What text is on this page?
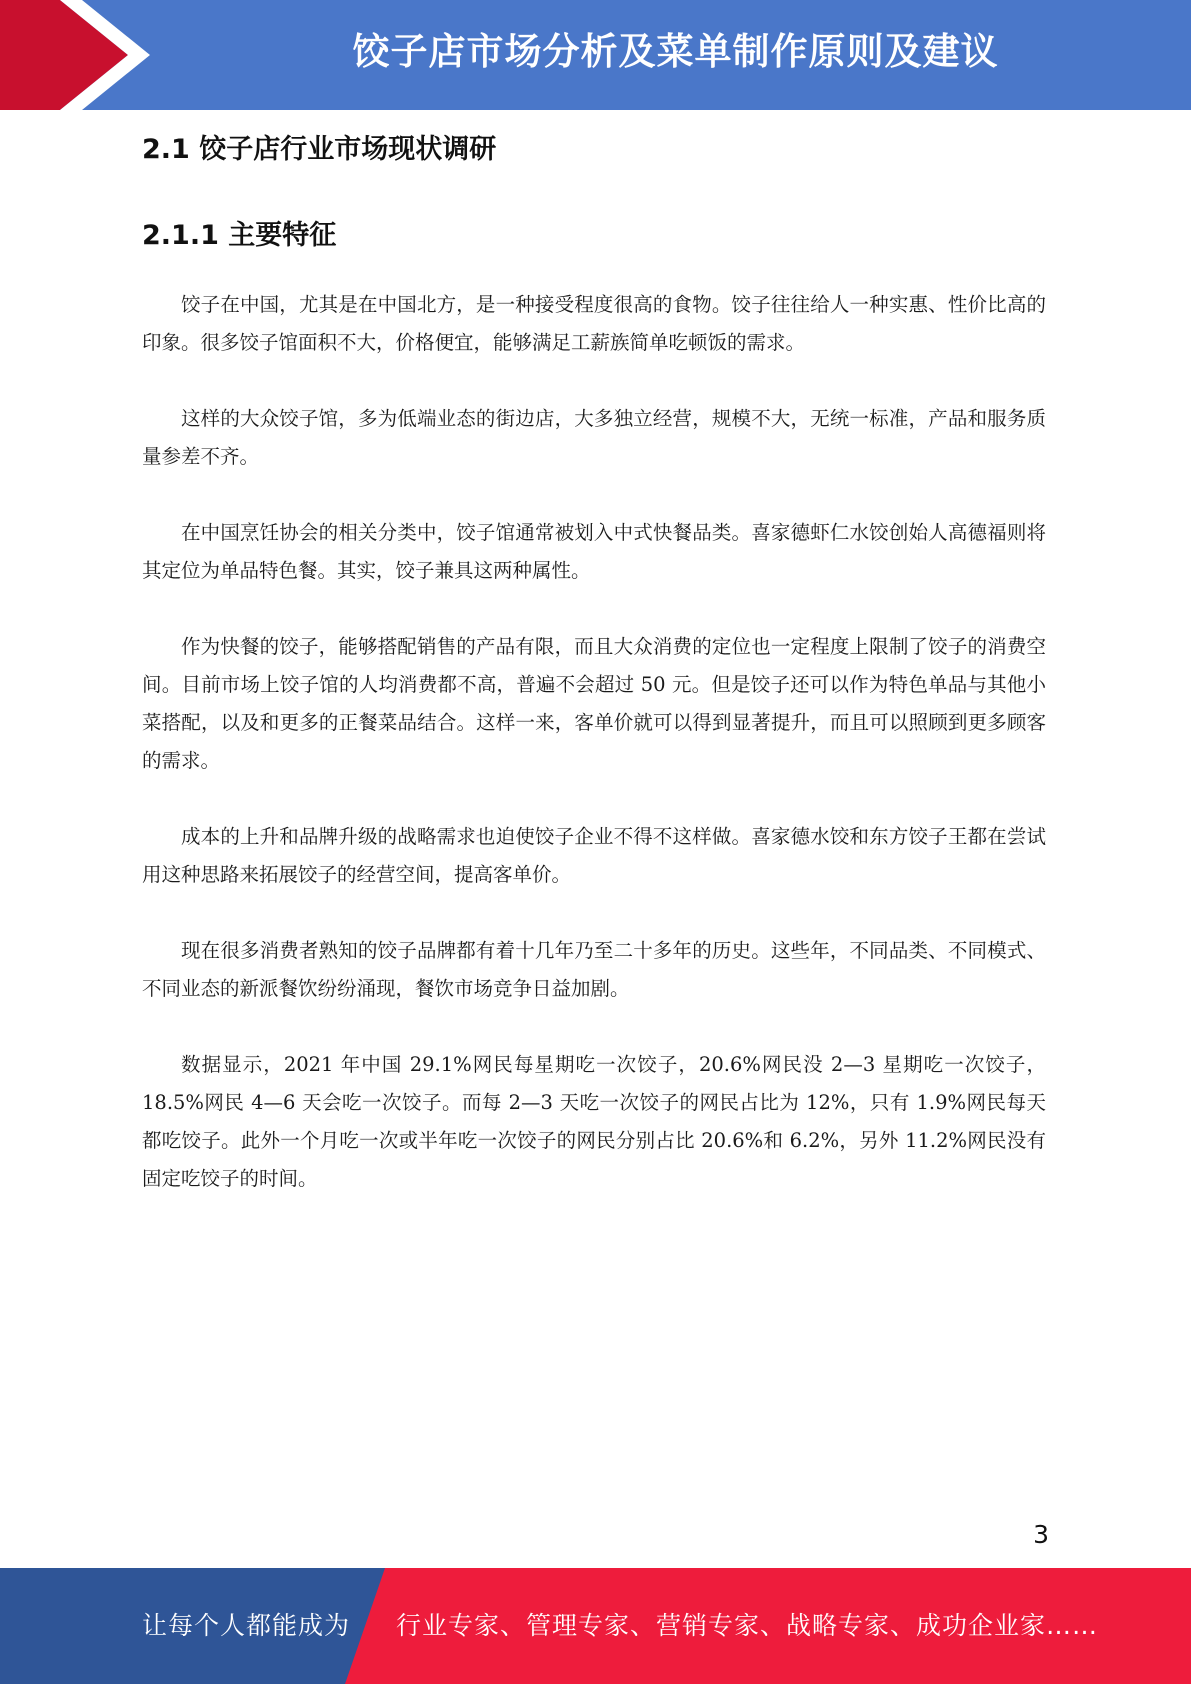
饺子店市场分析及菜单制作原则及建议
2.1 饺子店行业市场现状调研
2.1.1 主要特征

饺子在中国，尤其是在中国北方，是一种接受程度很高的食物。饺子往往给人一种实惠、性价比高的印象。很多饺子馆面积不大，价格便宜，能够满足工薪族简单吃顿饭的需求。

这样的大众饺子馆，多为低端业态的街边店，大多独立经营，规模不大，无统一标准，产品和服务质量参差不齐。

在中国烹饪协会的相关分类中，饺子馆通常被划入中式快餐品类。喜家德虾仁水饺创始人高德福则将其定位为单品特色餐。其实，饺子兼具这两种属性。

作为快餐的饺子，能够搭配销售的产品有限，而且大众消费的定位也一定程度上限制了饺子的消费空间。目前市场上饺子馆的人均消费都不高，普遍不会超过 50 元。但是饺子还可以作为特色单品与其他小菜搭配，以及和更多的正餐菜品结合。这样一来，客单价就可以得到显著提升，而且可以照顾到更多顾客的需求。

成本的上升和品牌升级的战略需求也迫使饺子企业不得不这样做。喜家德水饺和东方饺子王都在尝试用这种思路来拓展饺子的经营空间，提高客单价。

现在很多消费者熟知的饺子品牌都有着十几年乃至二十多年的历史。这些年，不同品类、不同模式、不同业态的新派餐饮纷纷涌现，餐饮市场竞争日益加剧。

数据显示，2021 年中国 29.1%网民每星期吃一次饺子，20.6%网民没 2—3 星期吃一次饺子，18.5%网民 4—6 天会吃一次饺子。而每 2—3 天吃一次饺子的网民占比为 12%，只有 1.9%网民每天都吃饺子。此外一个月吃一次或半年吃一次饺子的网民分别占比 20.6%和 6.2%，另外 11.2%网民没有固定吃饺子的时间。

3
让每个人都能成为 行业专家、管理专家、营销专家、战略专家、成功企业家……
